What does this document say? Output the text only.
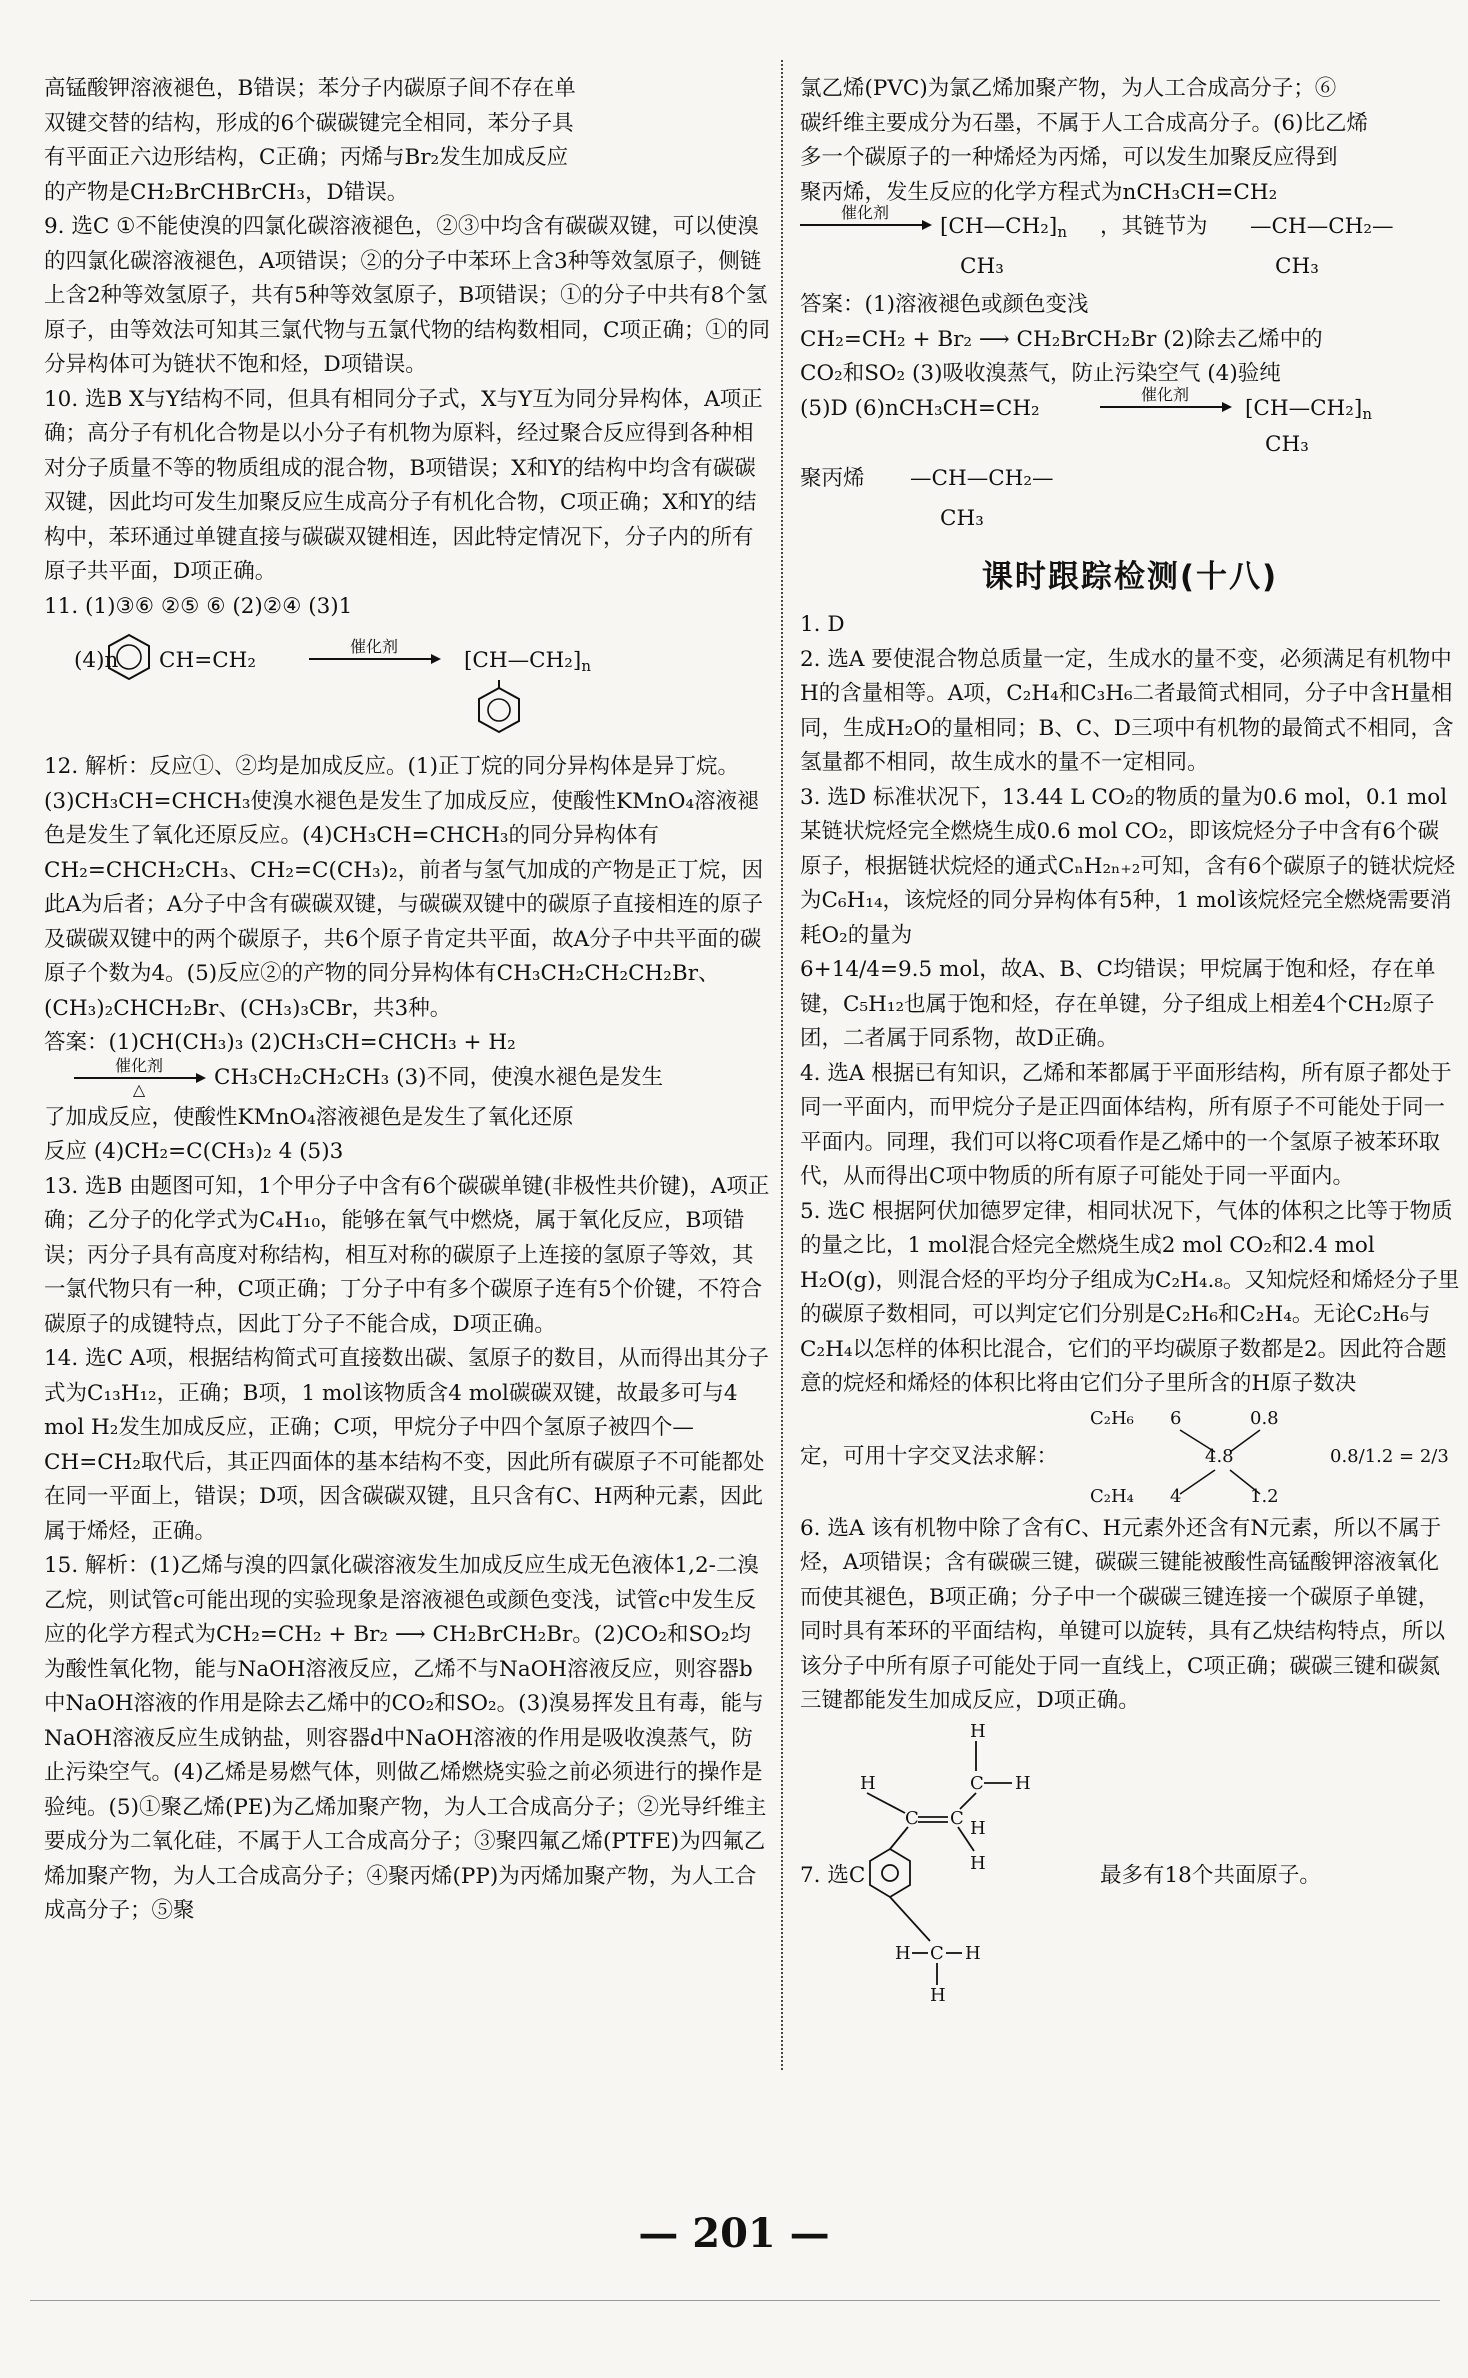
高锰酸钾溶液褪色，B错误；苯分子内碳原子间不存在单

双键交替的结构，形成的6个碳碳键完全相同，苯分子具

有平面正六边形结构，C正确；丙烯与Br₂发生加成反应

的产物是CH₂BrCHBrCH₃，D错误。

9. 选C ①不能使溴的四氯化碳溶液褪色，②③中均含有碳碳双键，可以使溴的四氯化碳溶液褪色，A项错误；②的分子中苯环上含3种等效氢原子，侧链上含2种等效氢原子，共有5种等效氢原子，B项错误；①的分子中共有8个氢原子，由等效法可知其三氯代物与五氯代物的结构数相同，C项正确；①的同分异构体可为链状不饱和烃，D项错误。

10. 选B X与Y结构不同，但具有相同分子式，X与Y互为同分异构体，A项正确；高分子有机化合物是以小分子有机物为原料，经过聚合反应得到各种相对分子质量不等的物质组成的混合物，B项错误；X和Y的结构中均含有碳碳双键，因此均可发生加聚反应生成高分子有机化合物，C项正确；X和Y的结构中，苯环通过单键直接与碳碳双键相连，因此特定情况下，分子内的所有原子共平面，D项正确。

11. (1)③⑥ ②⑤ ⑥ (2)②④ (3)1

(4)n CH=CH₂
催化剂
$[CH—CH_2]_n$

12. 解析：反应①、②均是加成反应。(1)正丁烷的同分异构体是异丁烷。(3)CH₃CH=CHCH₃使溴水褪色是发生了加成反应，使酸性KMnO₄溶液褪色是发生了氧化还原反应。(4)CH₃CH=CHCH₃的同分异构体有CH₂=CHCH₂CH₃、CH₂=C(CH₃)₂，前者与氢气加成的产物是正丁烷，因此A为后者；A分子中含有碳碳双键，与碳碳双键中的碳原子直接相连的原子及碳碳双键中的两个碳原子，共6个原子肯定共平面，故A分子中共平面的碳原子个数为4。(5)反应②的产物的同分异构体有CH₃CH₂CH₂CH₂Br、(CH₃)₂CHCH₂Br、(CH₃)₃CBr，共3种。

答案：(1)CH(CH₃)₃ (2)CH₃CH=CHCH₃ + H₂

催化剂
△	CH₃CH₂CH₂CH₃ (3)不同，使溴水褪色是发生

了加成反应，使酸性KMnO₄溶液褪色是发生了氧化还原

反应 (4)CH₂=C(CH₃)₂ 4 (5)3

13. 选B 由题图可知，1个甲分子中含有6个碳碳单键(非极性共价键)，A项正确；乙分子的化学式为C₄H₁₀，能够在氧气中燃烧，属于氧化反应，B项错误；丙分子具有高度对称结构，相互对称的碳原子上连接的氢原子等效，其一氯代物只有一种，C项正确；丁分子中有多个碳原子连有5个价键，不符合碳原子的成键特点，因此丁分子不能合成，D项正确。

14. 选C A项，根据结构简式可直接数出碳、氢原子的数目，从而得出其分子式为C₁₃H₁₂，正确；B项，1 mol该物质含4 mol碳碳双键，故最多可与4 mol H₂发生加成反应，正确；C项，甲烷分子中四个氢原子被四个—CH=CH₂取代后，其正四面体的基本结构不变，因此所有碳原子不可能都处在同一平面上，错误；D项，因含碳碳双键，且只含有C、H两种元素，因此属于烯烃，正确。

15. 解析：(1)乙烯与溴的四氯化碳溶液发生加成反应生成无色液体1,2-二溴乙烷，则试管c可能出现的实验现象是溶液褪色或颜色变浅，试管c中发生反应的化学方程式为CH₂=CH₂ + Br₂ ⟶ CH₂BrCH₂Br。(2)CO₂和SO₂均为酸性氧化物，能与NaOH溶液反应，乙烯不与NaOH溶液反应，则容器b中NaOH溶液的作用是除去乙烯中的CO₂和SO₂。(3)溴易挥发且有毒，能与NaOH溶液反应生成钠盐，则容器d中NaOH溶液的作用是吸收溴蒸气，防止污染空气。(4)乙烯是易燃气体，则做乙烯燃烧实验之前必须进行的操作是验纯。(5)①聚乙烯(PE)为乙烯加聚产物，为人工合成高分子；②光导纤维主要成分为二氧化硅，不属于人工合成高分子；③聚四氟乙烯(PTFE)为四氟乙烯加聚产物，为人工合成高分子；④聚丙烯(PP)为丙烯加聚产物，为人工合成高分子；⑤聚

氯乙烯(PVC)为氯乙烯加聚产物，为人工合成高分子；⑥

碳纤维主要成分为石墨，不属于人工合成高分子。(6)比乙烯

多一个碳原子的一种烯烃为丙烯，可以发生加聚反应得到

聚丙烯，发生反应的化学方程式为nCH₃CH=CH₂

催化剂
$[CH—CH_2]_n$
CH₃
，其链节为 —CH—CH₂—
CH₃

答案：(1)溶液褪色或颜色变浅

CH₂=CH₂ + Br₂ ⟶ CH₂BrCH₂Br (2)除去乙烯中的

CO₂和SO₂ (3)吸收溴蒸气，防止污染空气 (4)验纯

(5)D (6)nCH₃CH=CH₂
催化剂
$[CH—CH_2]_n$
CH₃
聚丙烯 —CH—CH₂—
CH₃
课时跟踪检测(十八)

1. D

2. 选A 要使混合物总质量一定，生成水的量不变，必须满足有机物中H的含量相等。A项，C₂H₄和C₃H₆二者最简式相同，分子中含H量相同，生成H₂O的量相同；B、C、D三项中有机物的最简式不相同，含氢量都不相同，故生成水的量不一定相同。

3. 选D 标准状况下，13.44 L CO₂的物质的量为0.6 mol，0.1 mol某链状烷烃完全燃烧生成0.6 mol CO₂，即该烷烃分子中含有6个碳原子，根据链状烷烃的通式CₙH₂ₙ₊₂可知，含有6个碳原子的链状烷烃为C₆H₁₄，该烷烃的同分异构体有5种，1 mol该烷烃完全燃烧需要消耗O₂的量为

6+14/4=9.5 mol，故A、B、C均错误；甲烷属于饱和烃，存在单键，C₅H₁₂也属于饱和烃，存在单键，分子组成上相差4个CH₂原子团，二者属于同系物，故D正确。

4. 选A 根据已有知识，乙烯和苯都属于平面形结构，所有原子都处于同一平面内，而甲烷分子是正四面体结构，所有原子不可能处于同一平面内。同理，我们可以将C项看作是乙烯中的一个氢原子被苯环取代，从而得出C项中物质的所有原子可能处于同一平面内。

5. 选C 根据阿伏加德罗定律，相同状况下，气体的体积之比等于物质的量之比，1 mol混合烃完全燃烧生成2 mol CO₂和2.4 mol H₂O(g)，则混合烃的平均分子组成为C₂H₄.₈。又知烷烃和烯烃分子里的碳原子数相同，可以判定它们分别是C₂H₆和C₂H₄。无论C₂H₆与C₂H₄以怎样的体积比混合，它们的平均碳原子数都是2。因此符合题意的烷烃和烯烃的体积比将由它们分子里所含的H原子数决

定，可用十字交叉法求解：
C₂H₆ 6	0.8
4.8	0.8/1.2 = 2/3
C₂H₄ 4	1.2

6. 选A 该有机物中除了含有C、H元素外还含有N元素，所以不属于烃，A项错误；含有碳碳三键，碳碳三键能被酸性高锰酸钾溶液氧化而使其褪色，B项正确；分子中一个碳碳三键连接一个碳原子单键，同时具有苯环的平面结构，单键可以旋转，具有乙炔结构特点，所以该分子中所有原子可能处于同一直线上，C项正确；碳碳三键和碳氮三键都能发生加成反应，D项正确。

7. 选C
H
H	C H
C C H
H
H C H
H
最多有18个共面原子。
— 201 —
